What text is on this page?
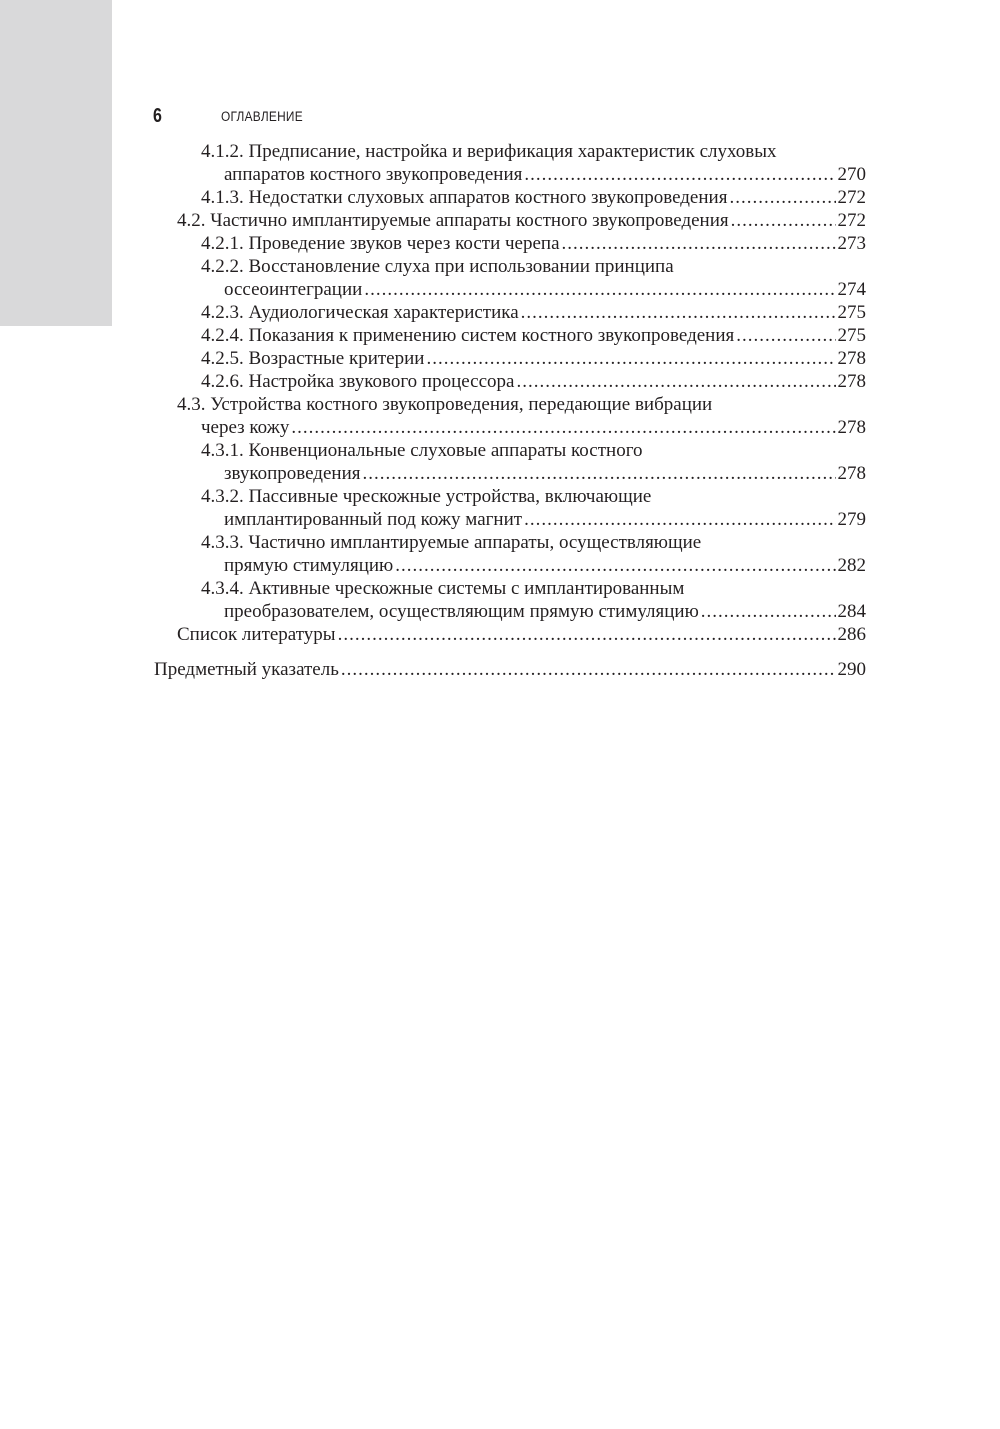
6	ОГЛАВЛЕНИЕ
4.1.2. Предписание, настройка и верификация характеристик слуховых
аппаратов костного звукопроведения .....	270
4.1.3. Недостатки слуховых аппаратов костного звукопроведения .....	272
4.2. Частично имплантируемые аппараты костного звукопроведения .....	272
4.2.1. Проведение звуков через кости черепа .....	273
4.2.2. Восстановление слуха при использовании принципа
оссеоинтеграции .....	274
4.2.3. Аудиологическая характеристика .....	275
4.2.4. Показания к применению систем костного звукопроведения .....	275
4.2.5. Возрастные критерии .....	278
4.2.6. Настройка звукового процессора .....	278
4.3. Устройства костного звукопроведения, передающие вибрации
через кожу .....	278
4.3.1. Конвенциональные слуховые аппараты костного
звукопроведения .....	278
4.3.2. Пассивные чрескожные устройства, включающие
имплантированный под кожу магнит .....	279
4.3.3. Частично имплантируемые аппараты, осуществляющие
прямую стимуляцию .....	282
4.3.4. Активные чрескожные системы с имплантированным
преобразователем, осуществляющим прямую стимуляцию .....	284
Список литературы .....	286
Предметный указатель .....	290
